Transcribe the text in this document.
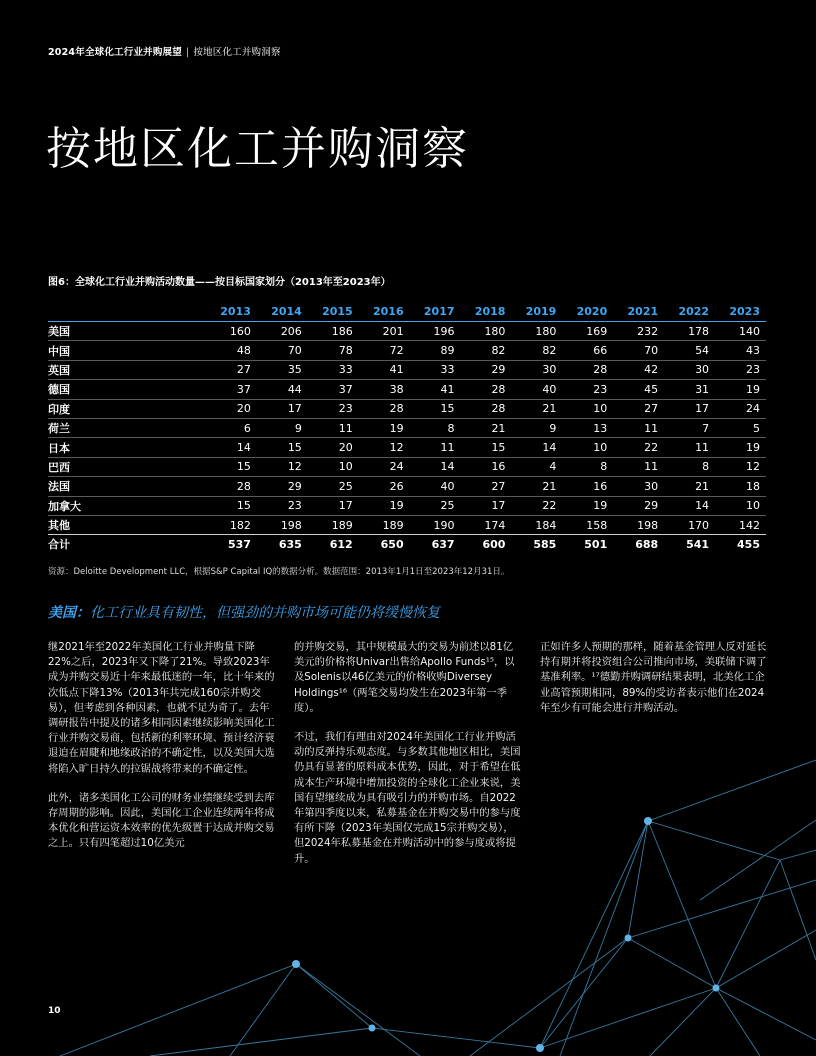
2024年全球化工行业并购展望 | 按地区化工并购洞察
按地区化工并购洞察
图6：全球化工行业并购活动数量——按目标国家划分（2013年至2023年）
	2013	2014	2015	2016	2017	2018	2019	2020	2021	2022	2023
美国	160	206	186	201	196	180	180	169	232	178	140
中国	48	70	78	72	89	82	82	66	70	54	43
英国	27	35	33	41	33	29	30	28	42	30	23
德国	37	44	37	38	41	28	40	23	45	31	19
印度	20	17	23	28	15	28	21	10	27	17	24
荷兰	6	9	11	19	8	21	9	13	11	7	5
日本	14	15	20	12	11	15	14	10	22	11	19
巴西	15	12	10	24	14	16	4	8	11	8	12
法国	28	29	25	26	40	27	21	16	30	21	18
加拿大	15	23	17	19	25	17	22	19	29	14	10
其他	182	198	189	189	190	174	184	158	198	170	142
合计	537	635	612	650	637	600	585	501	688	541	455
资源：Deloitte Development LLC，根据S&P Capital IQ的数据分析。数据范围：2013年1月1日至2023年12月31日。
美国：化工行业具有韧性，但强劲的并购市场可能仍将缓慢恢复

继2021年至2022年美国化工行业并购量下降22%之后，2023年又下降了21%。导致2023年成为并购交易近十年来最低迷的一年，比十年来的次低点下降13%（2013年共完成160宗并购交易），但考虑到各种因素，也就不足为奇了。去年调研报告中提及的诸多相同因素继续影响美国化工行业并购交易商，包括新的利率环境、预计经济衰退迫在眉睫和地缘政治的不确定性，以及美国大选将陷入旷日持久的拉锯战将带来的不确定性。

此外，诸多美国化工公司的财务业绩继续受到去库存周期的影响。因此，美国化工企业连续两年将成本优化和营运资本效率的优先级置于达成并购交易之上。只有四笔超过10亿美元

的并购交易，其中规模最大的交易为前述以81亿美元的价格将Univar出售给Apollo Funds¹⁵，以及Solenis以46亿美元的价格收购Diversey Holdings¹⁶（两笔交易均发生在2023年第一季度）。

不过，我们有理由对2024年美国化工行业并购活动的反弹持乐观态度。与多数其他地区相比，美国仍具有显著的原料成本优势，因此，对于希望在低成本生产环境中增加投资的全球化工企业来说，美国有望继续成为具有吸引力的并购市场。自2022年第四季度以来，私募基金在并购交易中的参与度有所下降（2023年美国仅完成15宗并购交易），但2024年私募基金在并购活动中的参与度或将提升。

正如许多人预期的那样，随着基金管理人反对延长持有期并将投资组合公司推向市场，美联储下调了基准利率。¹⁷德勤并购调研结果表明，北美化工企业高管预期相同，89%的受访者表示他们在2024年至少有可能会进行并购活动。

10
